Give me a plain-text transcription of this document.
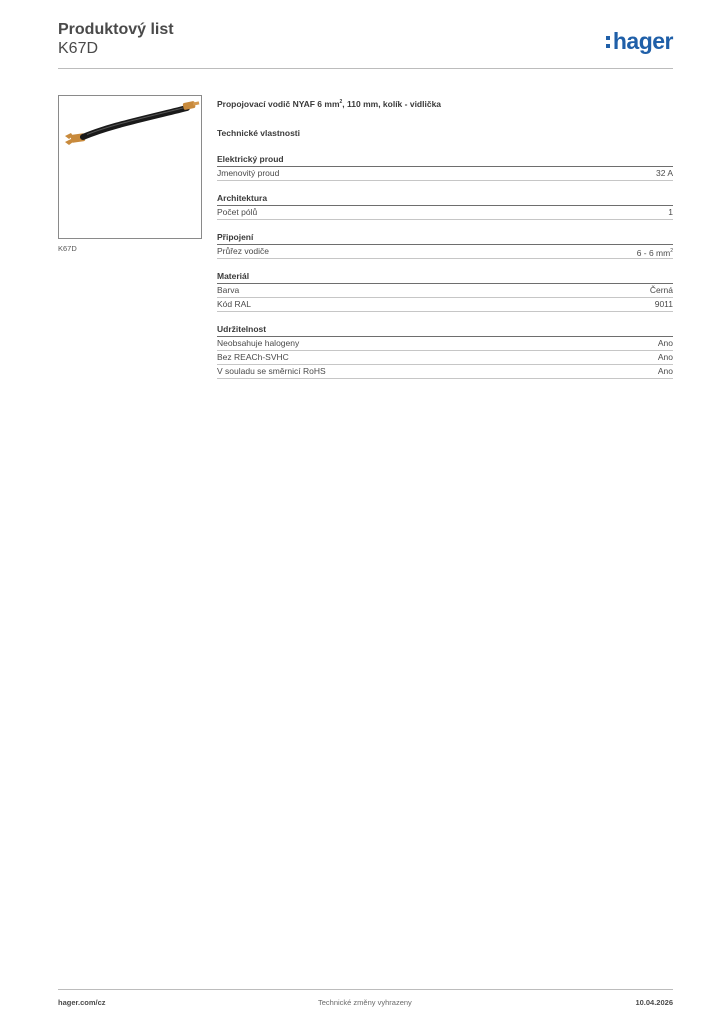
Produktový list
K67D	hager
K67D
Propojovací vodič NYAF 6 $mm^2$, 110 mm, kolík - vidlička
Technické vlastnosti
Elektrický proud
Jmenovitý proud	32 A
Architektura
Počet pólů	1
Připojení
Průřez vodiče	6 - 6 $mm^2$
Materiál
Barva	Černá
Kód RAL	9011
Udržitelnost
Neobsahuje halogeny	Ano
Bez REACh-SVHC	Ano
V souladu se směrnicí RoHS	Ano
hager.com/cz	Technické změny vyhrazeny	10.04.2026
